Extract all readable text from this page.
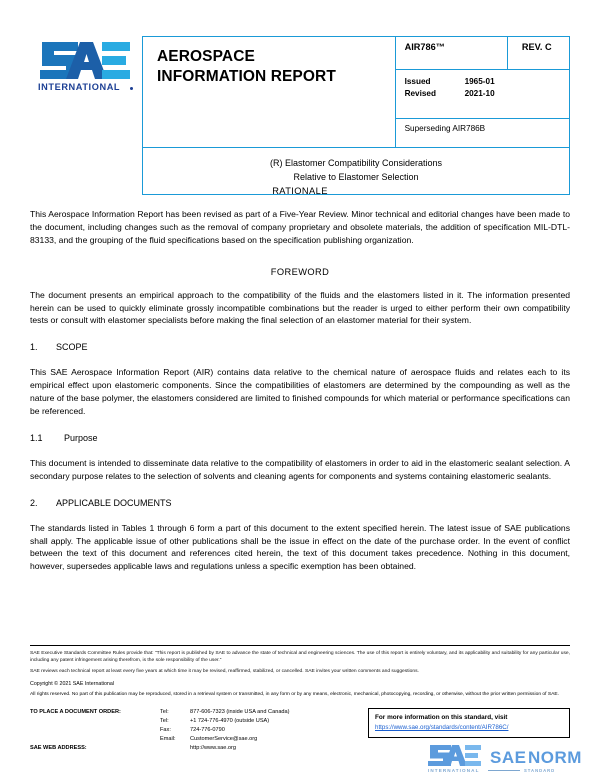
INTERNATIONAL
AEROSPACE
INFORMATION REPORT
	AIR786™	REV. C

Issued	1965-01
Revised	2021-10

Superseding AIR786B

(R) Elastomer Compatibility Considerations
Relative to Elastomer Selection
RATIONALE

This Aerospace Information Report has been revised as part of a Five-Year Review. Minor technical and editorial changes have been made to the document, including changes such as the removal of company proprietary and obsolete materials, the addition of specification MIL-DTL-83133, and the grouping of the fluid specifications based on the specification publishing organization.

FOREWORD

The document presents an empirical approach to the compatibility of the fluids and the elastomers listed in it. The information presented herein can be used to quickly eliminate grossly incompatible combinations but the reader is urged to either perform their own compatibility tests or consult with elastomer specialists before making the final selection of an elastomer material for their system.

1. SCOPE

This SAE Aerospace Information Report (AIR) contains data relative to the chemical nature of aerospace fluids and relates each to its empirical effect upon elastomeric components. Since the compatibilities of elastomers are determined by the compounding as well as the nature of the base polymer, the elastomers considered are limited to finished compounds for which material or performance specifications can be referenced.

1.1 Purpose

This document is intended to disseminate data relative to the compatibility of elastomers in order to aid in the elastomeric sealant selection. A secondary purpose relates to the selection of solvents and cleaning agents for components and systems containing elastomeric sealants.

2. APPLICABLE DOCUMENTS

The standards listed in Tables 1 through 6 form a part of this document to the extent specified herein. The latest issue of SAE publications shall apply. The applicable issue of other publications shall be the issue in effect on the date of the purchase order. In the event of conflict between the text of this document and references cited herein, the text of this document takes precedence. Nothing in this document, however, supersedes applicable laws and regulations unless a specific exemption has been obtained.

SAE Executive Standards Committee Rules provide that: “This report is published by SAE to advance the state of technical and engineering sciences. The use of this report is entirely voluntary, and its applicability and suitability for any particular use, including any patent infringement arising therefrom, is the sole responsibility of the user.”

SAE reviews each technical report at least every five years at which time it may be revised, reaffirmed, stabilized, or cancelled. SAE invites your written comments and suggestions.

Copyright © 2021 SAE International

All rights reserved. No part of this publication may be reproduced, stored in a retrieval system or transmitted, in any form or by any means, electronic, mechanical, photocopying, recording, or otherwise, without the prior written permission of SAE.

TO PLACE A DOCUMENT ORDER:	Tel:	877-606-7323 (inside USA and Canada)
	Tel:	+1 724-776-4970 (outside USA)
	Fax:	724-776-0790
	Email:	CustomerService@sae.org
SAE WEB ADDRESS:		http://www.sae.org
For more information on this standard, visit
https://www.sae.org/standards/content/AIR786C/
SAE NORM
INTERNATIONAL	STANDARD
